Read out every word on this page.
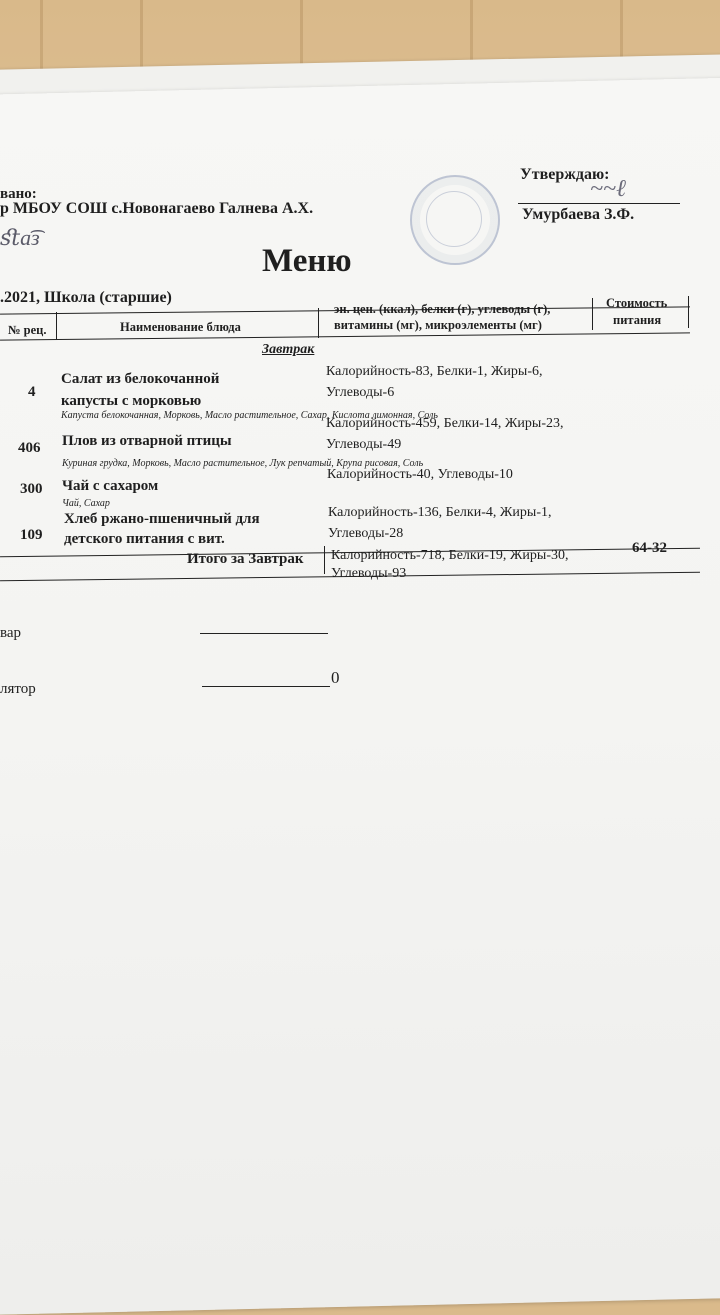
вано:
р МБОУ СОШ с.Новонагаево Галнева А.Х.
ﬆа͡з
Утверждаю:
~~ℓ
Умурбаева З.Ф.
Меню
.2021, Школа (старшие)
№ рец.	Наименование блюда
эн. цен. (ккал), белки (г), углеводы (г),
витамины (мг), микроэлементы (мг)
Стоимость
питания
Завтрак
4
Салат из белокочанной
капусты с морковью
Капуста белокочанная, Морковь, Масло растительное, Сахар, Кислота лимонная, Соль
Калорийность-83, Белки-1, Жиры-6,
Углеводы-6
406 Плов из отварной птицы
Куриная грудка, Морковь, Масло растительное, Лук репчатый, Крупа рисовая, Соль
Калорийность-459, Белки-14, Жиры-23,
Углеводы-49
300 Чай с сахаром
Чай, Сахар
Калорийность-40, Углеводы-10
109
Хлеб ржано-пшеничный для
детского питания с вит.
Калорийность-136, Белки-4, Жиры-1,
Углеводы-28
Итого за Завтрак Калорийность-718, Белки-19, Жиры-30,
Углеводы-93
64-32
вар
лятор
0
